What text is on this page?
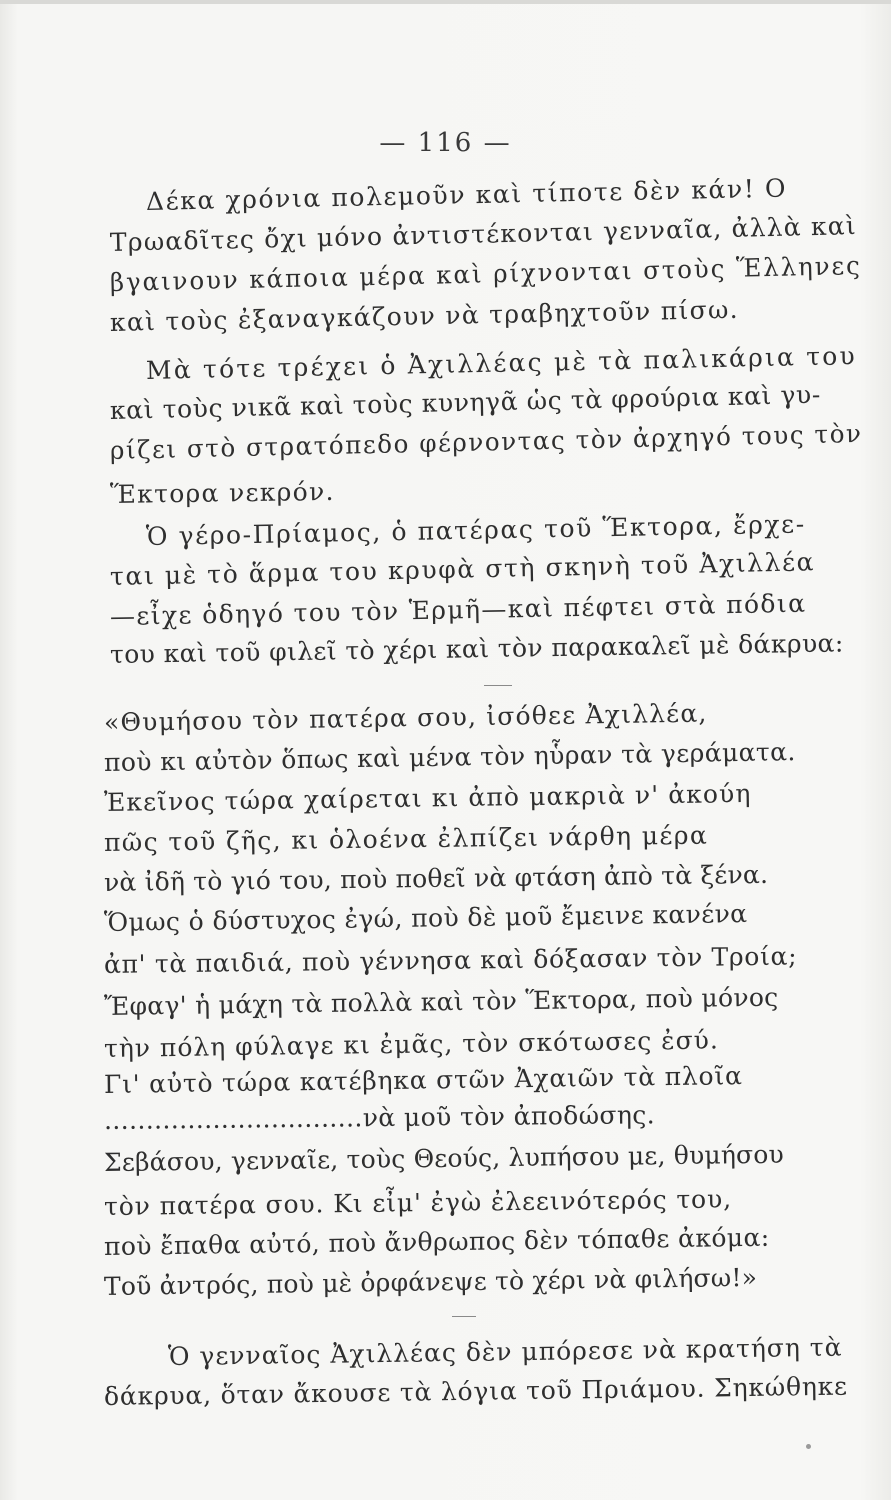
— 116 —
Δέκα χρόνια πολεμοῦν καὶ τίποτε δὲν κάν! Ο
Τρωαδῖτες ὄχι μόνο ἀντιστέκονται γενναῖα, ἀλλὰ καὶ
βγαινουν κάποια μέρα καὶ ρίχνονται στοὺς Ἕλληνες
καὶ τοὺς ἐξαναγκάζουν νὰ τραβηχτοῦν πίσω.
Μὰ τότε τρέχει ὁ Ἀχιλλέας μὲ τὰ παλικάρια του
καὶ τοὺς νικᾶ καὶ τοὺς κυνηγᾶ ὡς τὰ φρούρια καὶ γυ-
ρίζει στὸ στρατόπεδο φέρνοντας τὸν ἀρχηγό τους τὸν
Ἕκτορα νεκρόν.
Ὁ γέρο-Πρίαμος, ὁ πατέρας τοῦ Ἕκτορα, ἔρχε-
ται μὲ τὸ ἅρμα του κρυφὰ στὴ σκηνὴ τοῦ Ἀχιλλέα
—εἶχε ὁδηγό του τὸν Ἑρμῆ—καὶ πέφτει στὰ πόδια
του καὶ τοῦ φιλεῖ τὸ χέρι καὶ τὸν παρακαλεῖ μὲ δάκρυα:
«Θυμήσου τὸν πατέρα σου, ἰσόθεε Ἀχιλλέα,
ποὺ κι αὐτὸν ὅπως καὶ μένα τὸν ηὗραν τὰ γεράματα.
Ἐκεῖνος τώρα χαίρεται κι ἀπὸ μακριὰ ν' ἀκούη
πῶς τοῦ ζῆς, κι ὁλοένα ἐλπίζει νάρθη μέρα
νὰ ἰδῆ τὸ γιό του, ποὺ ποθεῖ νὰ φτάση ἀπὸ τὰ ξένα.
Ὅμως ὁ δύστυχος ἐγώ, ποὺ δὲ μοῦ ἔμεινε κανένα
ἀπ' τὰ παιδιά, ποὺ γέννησα καὶ δόξασαν τὸν Τροία;
Ἔφαγ' ἡ μάχη τὰ πολλὰ καὶ τὸν Ἕκτορα, ποὺ μόνος
τὴν πόλη φύλαγε κι ἐμᾶς, τὸν σκότωσες ἐσύ.
Γι' αὐτὸ τώρα κατέβηκα στῶν Ἀχαιῶν τὰ πλοῖα
...............................νὰ μοῦ τὸν ἀποδώσης.
Σεβάσου, γενναῖε, τοὺς Θεούς, λυπήσου με, θυμήσου
τὸν πατέρα σου. Κι εἶμ' ἐγὼ ἐλεεινότερός του,
ποὺ ἔπαθα αὐτό, ποὺ ἄνθρωπος δὲν τόπαθε ἀκόμα:
Τοῦ ἀντρός, ποὺ μὲ ὀρφάνεψε τὸ χέρι νὰ φιλήσω!»
Ὁ γενναῖος Ἀχιλλέας δὲν μπόρεσε νὰ κρατήση τὰ
δάκρυα, ὅταν ἄκουσε τὰ λόγια τοῦ Πριάμου. Σηκώθηκε
